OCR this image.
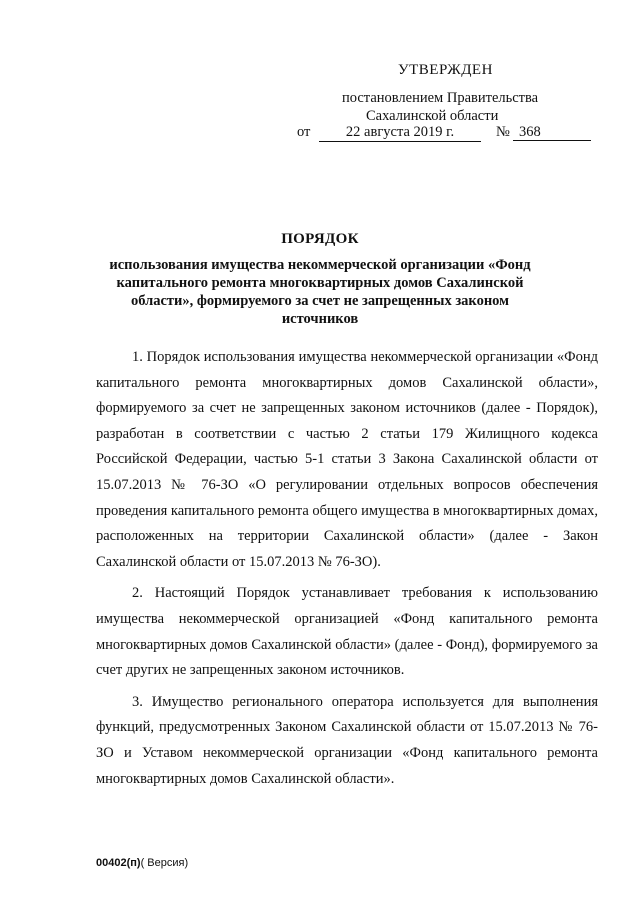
УТВЕРЖДЕН
постановлением Правительства
Сахалинской области
от	22 августа 2019 г.	№ 368
ПОРЯДОК
использования имущества некоммерческой организации «Фонд капитального ремонта многоквартирных домов Сахалинской области», формируемого за счет не запрещенных законом источников

1. Порядок использования имущества некоммерческой организации «Фонд капитального ремонта многоквартирных домов Сахалинской области», формируемого за счет не запрещенных законом источников (далее - Порядок), разработан в соответствии с частью 2 статьи 179 Жилищного кодекса Российской Федерации, частью 5-1 статьи 3 Закона Сахалинской области от 15.07.2013 № 76-ЗО «О регулировании отдельных вопросов обеспечения проведения капитального ремонта общего имущества в многоквартирных домах, расположенных на территории Сахалинской области» (далее - Закон Сахалинской области от 15.07.2013 № 76-ЗО).

2. Настоящий Порядок устанавливает требования к использованию имущества некоммерческой организацией «Фонд капитального ремонта многоквартирных домов Сахалинской области» (далее - Фонд), формируемого за счет других не запрещенных законом источников.

3. Имущество регионального оператора используется для выполнения функций, предусмотренных Законом Сахалинской области от 15.07.2013 № 76-ЗО и Уставом некоммерческой организации «Фонд капитального ремонта многоквартирных домов Сахалинской области».

00402(п)( Версия)
